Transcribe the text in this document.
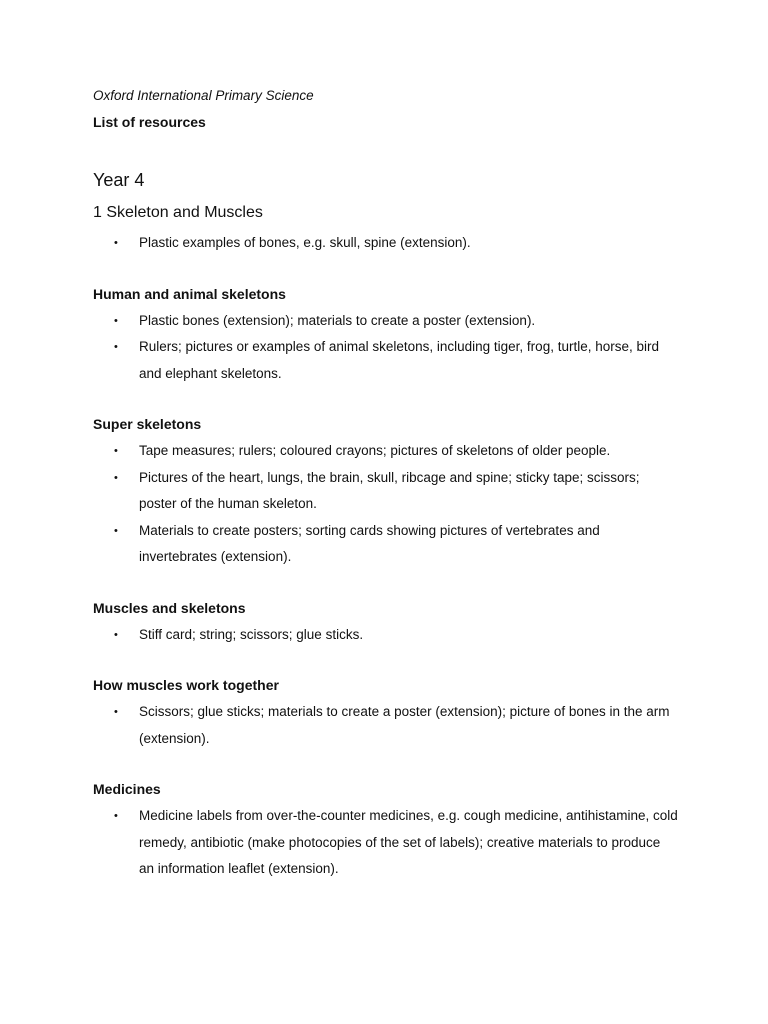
Oxford International Primary Science
List of resources
Year 4
1 Skeleton and Muscles
• Plastic examples of bones, e.g. skull, spine (extension).
Human and animal skeletons
• Plastic bones (extension); materials to create a poster (extension).
• Rulers; pictures or examples of animal skeletons, including tiger, frog, turtle, horse, bird and elephant skeletons.
Super skeletons
• Tape measures; rulers; coloured crayons; pictures of skeletons of older people.
• Pictures of the heart, lungs, the brain, skull, ribcage and spine; sticky tape; scissors; poster of the human skeleton.
• Materials to create posters; sorting cards showing pictures of vertebrates and invertebrates (extension).
Muscles and skeletons
• Stiff card; string; scissors; glue sticks.
How muscles work together
• Scissors; glue sticks; materials to create a poster (extension); picture of bones in the arm (extension).
Medicines
• Medicine labels from over-the-counter medicines, e.g. cough medicine, antihistamine, cold remedy, antibiotic (make photocopies of the set of labels); creative materials to produce an information leaflet (extension).
